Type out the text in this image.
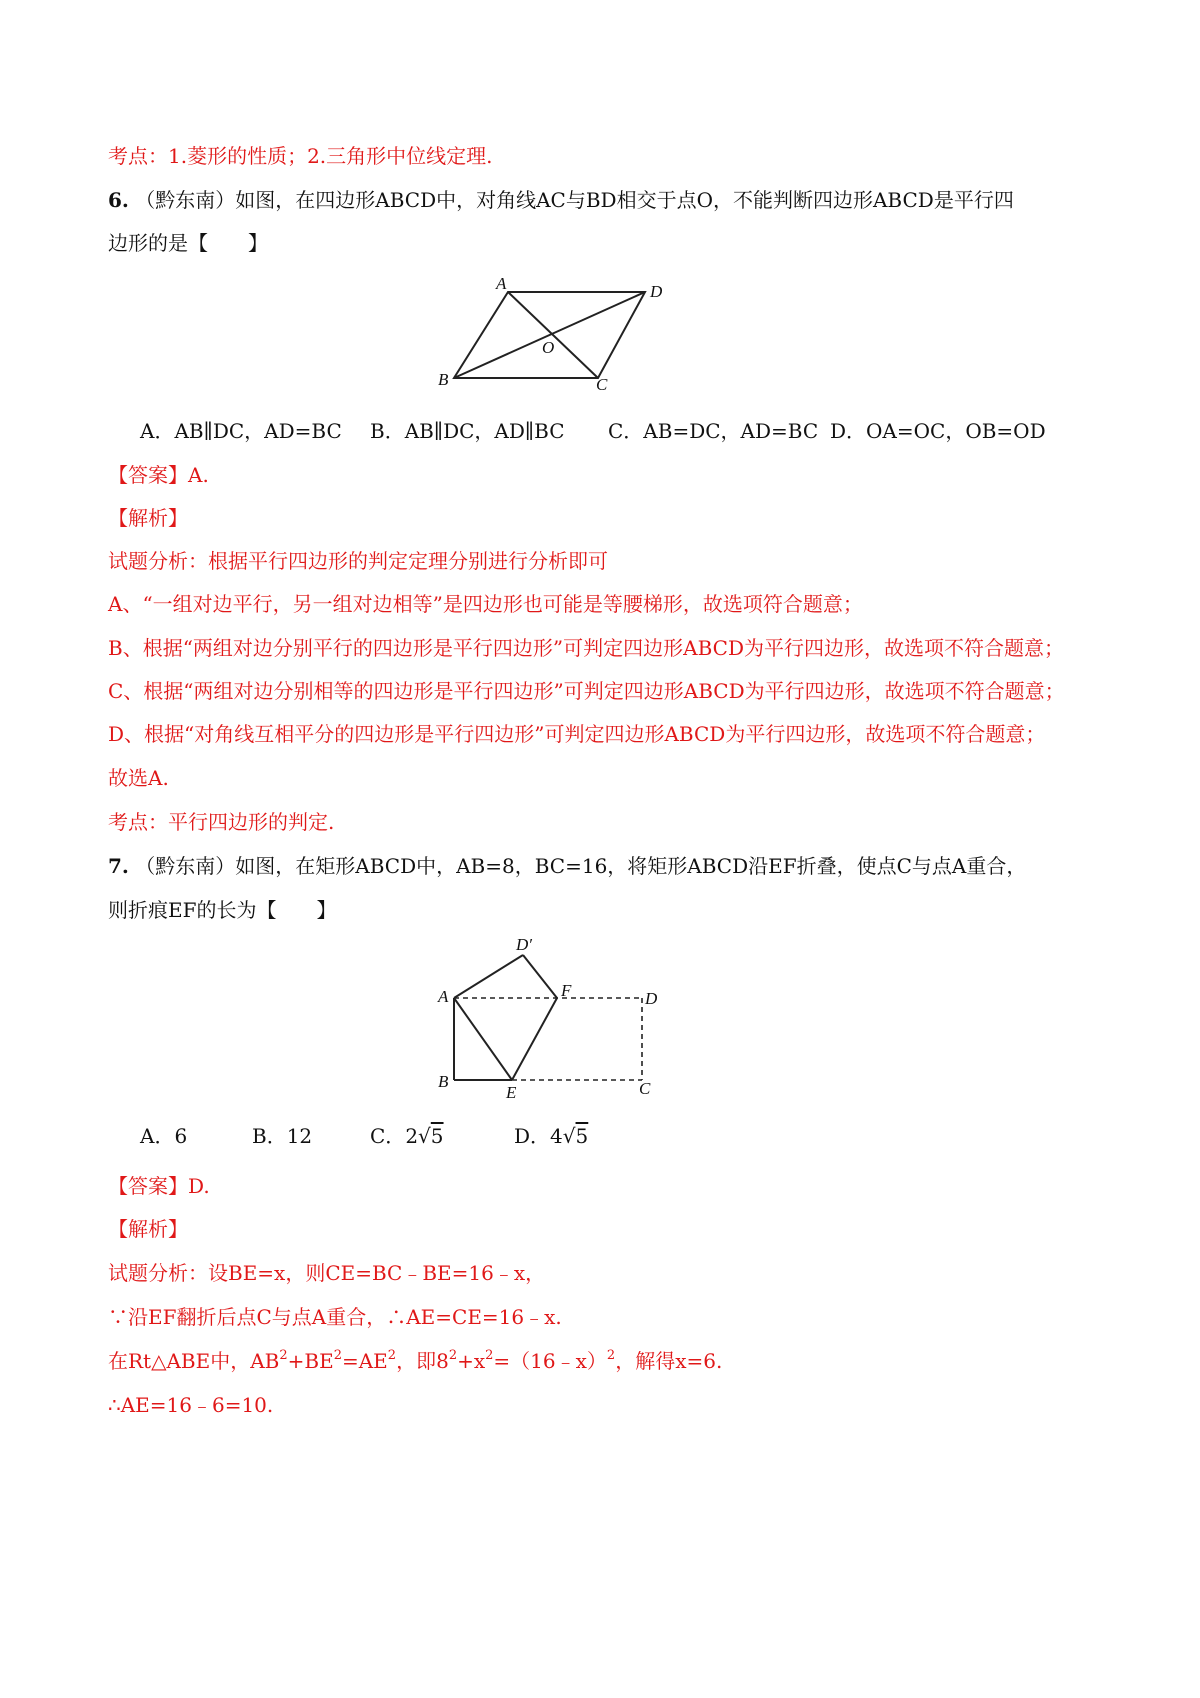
考点：1.菱形的性质；2.三角形中位线定理.
6. （黔东南）如图，在四边形ABCD中，对角线AC与BD相交于点O，不能判断四边形ABCD是平行四
边形的是【　　】
A	D
O
B	C
A．AB∥DC，AD=BC B．AB∥DC，AD∥BC C．AB=DC，AD=BC D．OA=OC，OB=OD
【答案】A.
【解析】
试题分析：根据平行四边形的判定定理分别进行分析即可
A、“一组对边平行，另一组对边相等”是四边形也可能是等腰梯形，故选项符合题意；
B、根据“两组对边分别平行的四边形是平行四边形”可判定四边形ABCD为平行四边形，故选项不符合题意；
C、根据“两组对边分别相等的四边形是平行四边形”可判定四边形ABCD为平行四边形，故选项不符合题意；
D、根据“对角线互相平分的四边形是平行四边形”可判定四边形ABCD为平行四边形，故选项不符合题意；
故选A.
考点：平行四边形的判定.
7. （黔东南）如图，在矩形ABCD中，AB=8，BC=16，将矩形ABCD沿EF折叠，使点C与点A重合，
则折痕EF的长为【　　】
D′
A	F	D
B
E	C
A．6	B．12	C．2√5	D．4√5
【答案】D.
【解析】
试题分析：设BE=x，则CE=BC﹣BE=16﹣x，
∵沿EF翻折后点C与点A重合，∴AE=CE=16﹣x.
在Rt△ABE中，$AB^2+BE^2=AE^2$，即$8^2+x^2=(16﹣x)^2$，解得x=6.
∴AE=16﹣6=10.
